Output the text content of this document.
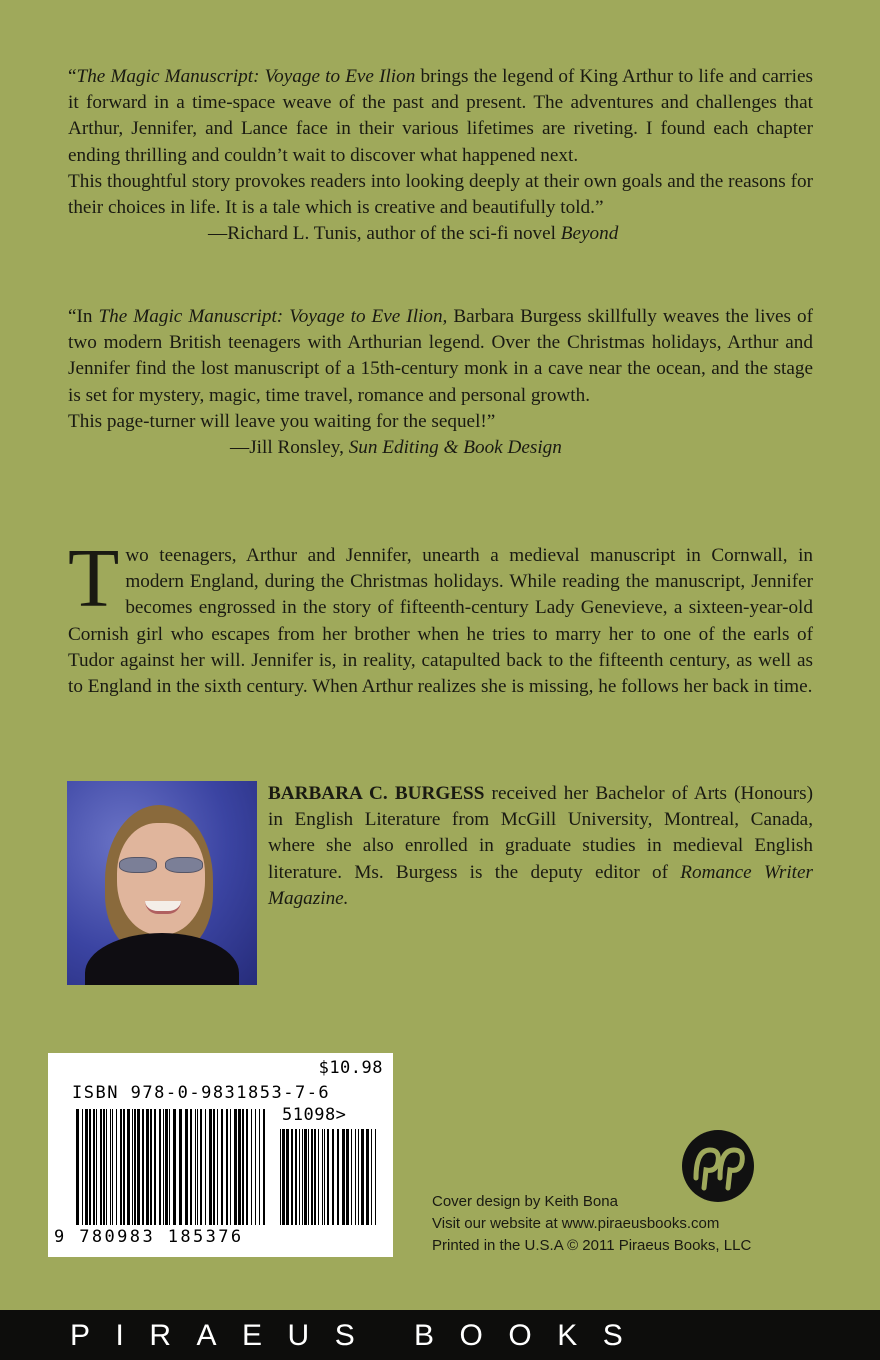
“The Magic Manuscript: Voyage to Eve Ilion brings the legend of King Arthur to life and carries it forward in a time-space weave of the past and present. The adventures and challenges that Arthur, Jennifer, and Lance face in their various lifetimes are riveting. I found each chapter ending thrilling and couldn’t wait to discover what happened next.

This thoughtful story provokes readers into looking deeply at their own goals and the reasons for their choices in life. It is a tale which is creative and beautifully told.”

—Richard L. Tunis, author of the sci-fi novel Beyond

“In The Magic Manuscript: Voyage to Eve Ilion, Barbara Burgess skillfully weaves the lives of two modern British teenagers with Arthurian legend. Over the Christmas holidays, Arthur and Jennifer find the lost manuscript of a 15th-century monk in a cave near the ocean, and the stage is set for mystery, magic, time travel, romance and personal growth.

This page-turner will leave you waiting for the sequel!”

—Jill Ronsley, Sun Editing & Book Design

Two teenagers, Arthur and Jennifer, unearth a medieval manuscript in Cornwall, in modern England, during the Christmas holidays. While reading the manuscript, Jennifer becomes engrossed in the story of fifteenth-century Lady Genevieve, a sixteen-year-old Cornish girl who escapes from her brother when he tries to marry her to one of the earls of Tudor against her will. Jennifer is, in reality, catapulted back to the fifteenth century, as well as to England in the sixth century. When Arthur realizes she is missing, he follows her back in time.

BARBARA C. BURGESS received her Bachelor of Arts (Honours) in English Literature from McGill University, Montreal, Canada, where she also enrolled in graduate studies in medieval English literature. Ms. Burgess is the deputy editor of Romance Writer Magazine.

$10.98
ISBN 978-0-9831853-7-6
51098>
9 780983 185376

Cover design by Keith Bona

Visit our website at www.piraeusbooks.com

Printed in the U.S.A © 2011 Piraeus Books, LLC

PIRAEUS BOOKS
